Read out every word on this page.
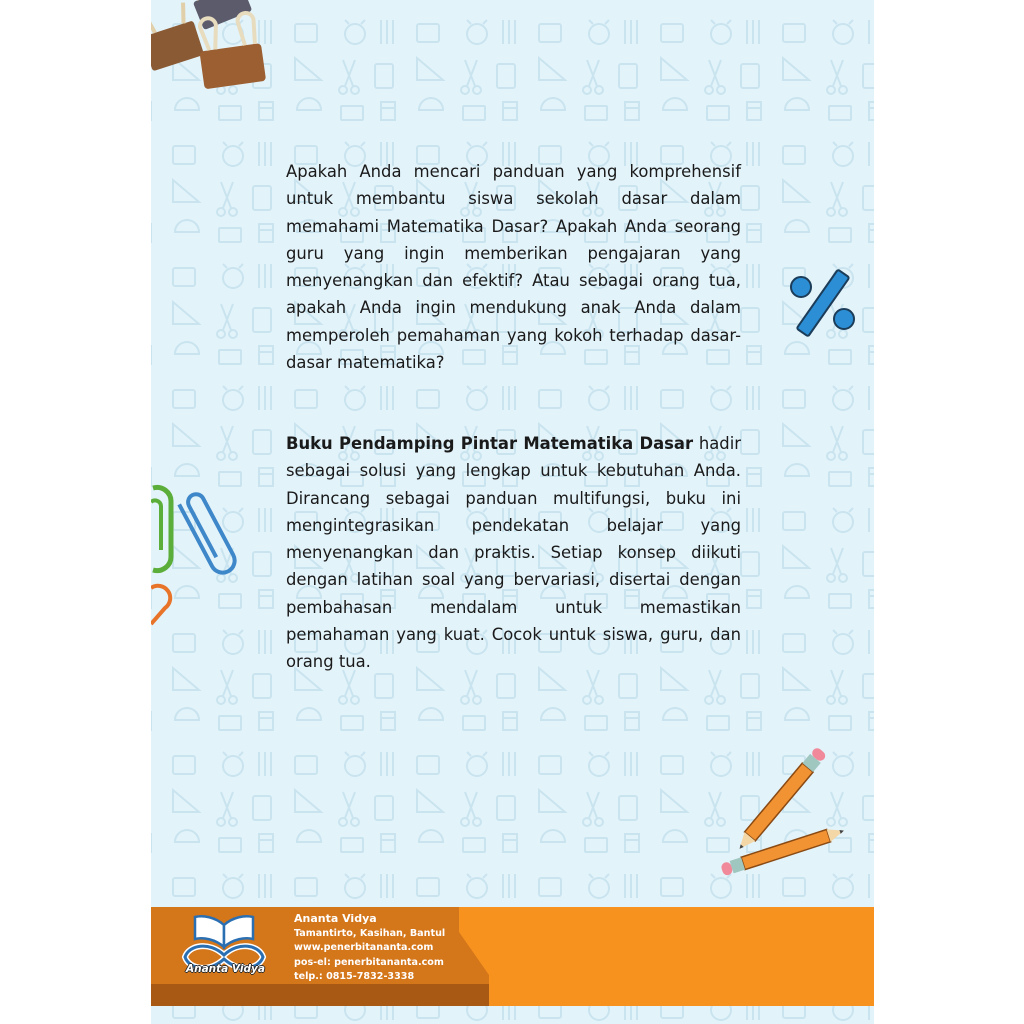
Apakah Anda mencari panduan yang komprehensif untuk membantu siswa sekolah dasar dalam memahami Matematika Dasar? Apakah Anda seorang guru yang ingin memberikan pengajaran yang menyenangkan dan efektif? Atau sebagai orang tua, apakah Anda ingin mendukung anak Anda dalam memperoleh pemahaman yang kokoh terhadap dasar-dasar matematika?

Buku Pendamping Pintar Matematika Dasar hadir sebagai solusi yang lengkap untuk kebutuhan Anda. Dirancang sebagai panduan multifungsi, buku ini mengintegrasikan pendekatan belajar yang menyenangkan dan praktis. Setiap konsep diikuti dengan latihan soal yang bervariasi, disertai dengan pembahasan mendalam untuk memastikan pemahaman yang kuat. Cocok untuk siswa, guru, dan orang tua.

Ananta Vidya
Ananta Vidya
Tamantirto, Kasihan, Bantul
www.penerbitananta.com
pos-el: penerbitananta.com
telp.: 0815-7832-3338
